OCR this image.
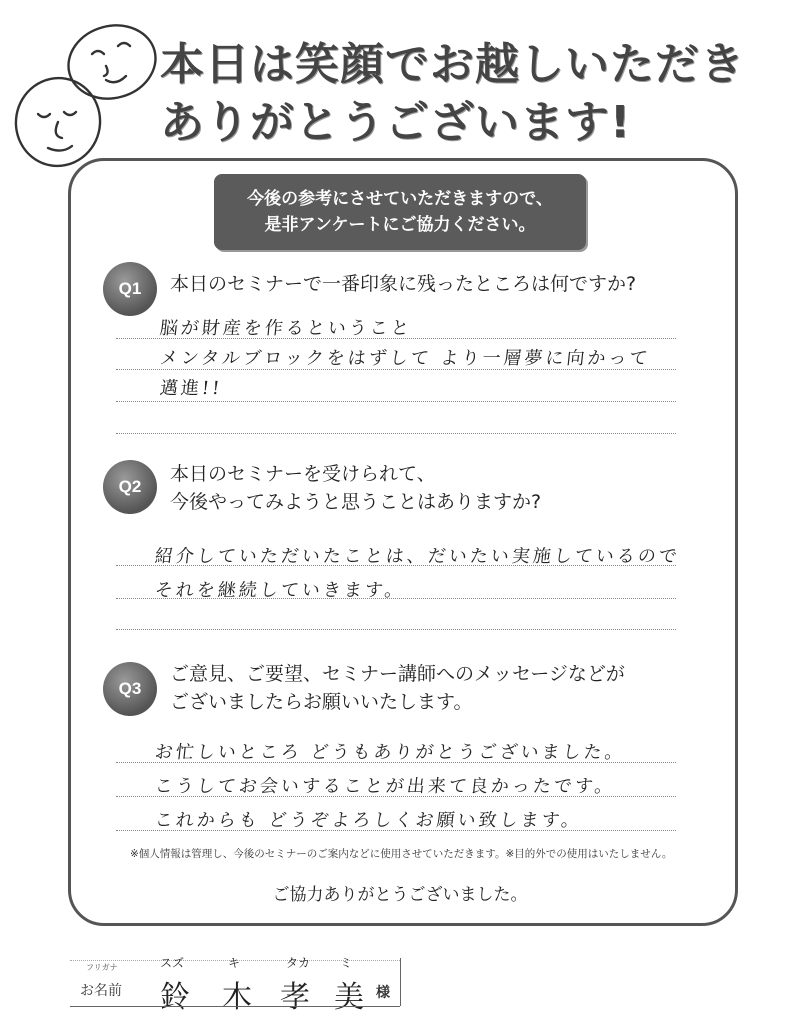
本日は笑顔でお越しいただき
ありがとうございます!
今後の参考にさせていただきますので、
是非アンケートにご協力ください。
Q1	本日のセミナーで一番印象に残ったところは何ですか?
脳が財産を作るということ
メンタルブロックをはずして より一層夢に向かって
邁進!!
Q2
本日のセミナーを受けられて、
今後やってみようと思うことはありますか?
紹介していただいたことは、だいたい実施しているので
それを継続していきます。
Q3
ご意見、ご要望、セミナー講師へのメッセージなどが
ございましたらお願いいたします。
お忙しいところ どうもありがとうございました。
こうしてお会いすることが出来て良かったです。
これからも どうぞよろしくお願い致します。
※個人情報は管理し、今後のセミナーのご案内などに使用させていただきます。※目的外での使用はいたしません。
ご協力ありがとうございました。
フリガナ
お名前
スズ	キ	タカ ミ
鈴 木 孝 美 様
